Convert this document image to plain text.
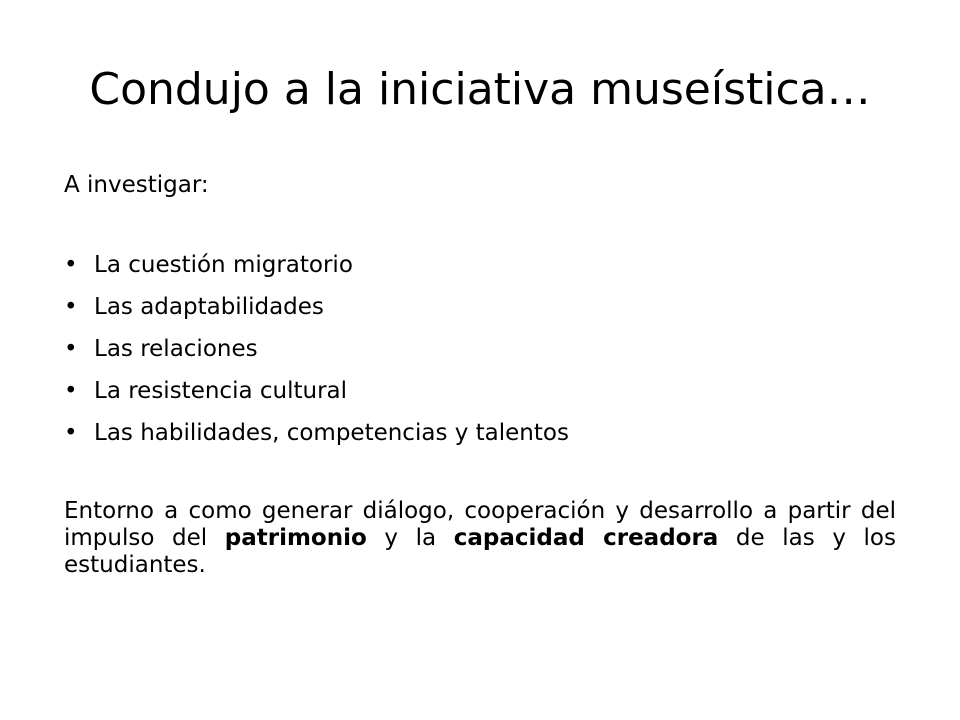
Condujo a la iniciativa museística…

A investigar:

• La cuestión migratorio
• Las adaptabilidades
• Las relaciones
• La resistencia cultural
• Las habilidades, competencias y talentos

Entorno a como generar diálogo, cooperación y desarrollo a partir del impulso del patrimonio y la capacidad creadora de las y los estudiantes.
